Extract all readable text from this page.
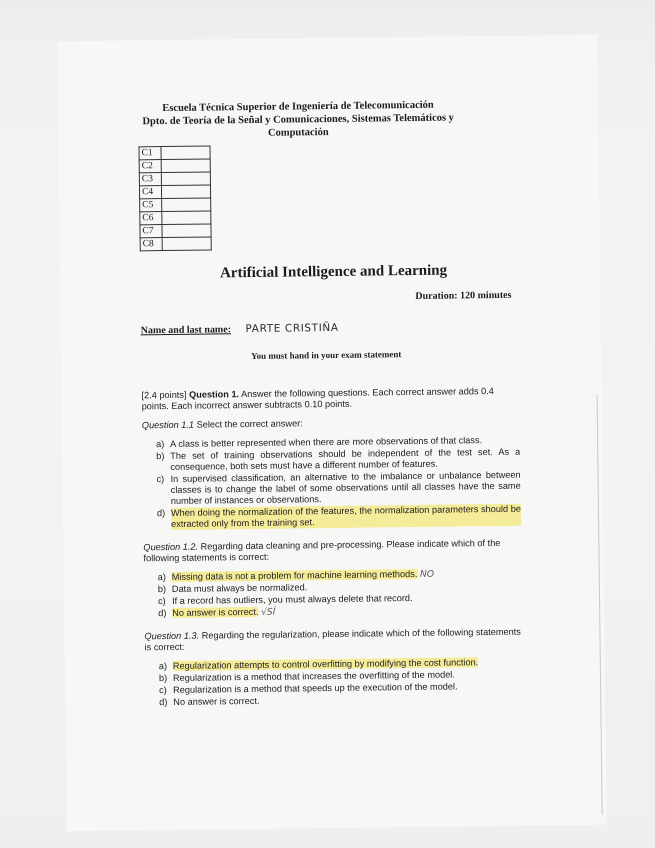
Escuela Técnica Superior de Ingeniería de Telecomunicación
Dpto. de Teoría de la Señal y Comunicaciones, Sistemas Telemáticos y
Computación
C1	
C2	
C3	
C4	
C5	
C6	
C7	
C8	
Artificial Intelligence and Learning
Duration: 120 minutes
Name and last name: PARTE CRISTIÑA
You must hand in your exam statement

[2.4 points] Question 1. Answer the following questions. Each correct answer adds 0.4 points. Each incorrect answer subtracts 0.10 points.

Question 1.1 Select the correct answer:

a) A class is better represented when there are more observations of that class.
b) The set of training observations should be independent of the test set. As a consequence, both sets must have a different number of features.
c) In supervised classification, an alternative to the imbalance or unbalance between classes is to change the label of some observations until all classes have the same number of instances or observations.
d) When doing the normalization of the features, the normalization parameters should be extracted only from the training set.

Question 1.2. Regarding data cleaning and pre-processing. Please indicate which of the following statements is correct:

a) Missing data is not a problem for machine learning methods. NO
b) Data must always be normalized.
c) If a record has outliers, you must always delete that record.
d) No answer is correct. √SÍ

Question 1.3. Regarding the regularization, please indicate which of the following statements is correct:

a) Regularization attempts to control overfitting by modifying the cost function.
b) Regularization is a method that increases the overfitting of the model.
c) Regularization is a method that speeds up the execution of the model.
d) No answer is correct.
